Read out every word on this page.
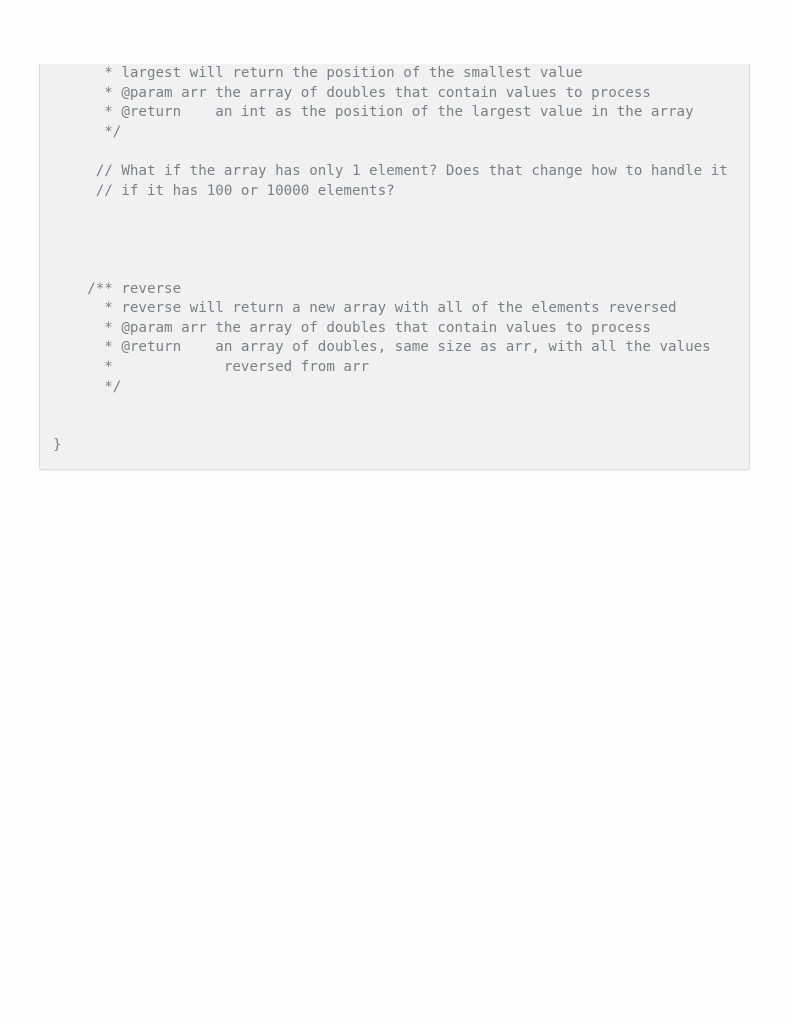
* largest will return the position of the smallest value
* @param arr the array of doubles that contain values to process
* @return    an int as the position of the largest value in the array
*/
// What if the array has only 1 element? Does that change how to handle it
// if it has 100 or 10000 elements?
/** reverse
* reverse will return a new array with all of the elements reversed
* @param arr the array of doubles that contain values to process
* @return    an array of doubles, same size as arr, with all the values
*             reversed from arr
*/
}
